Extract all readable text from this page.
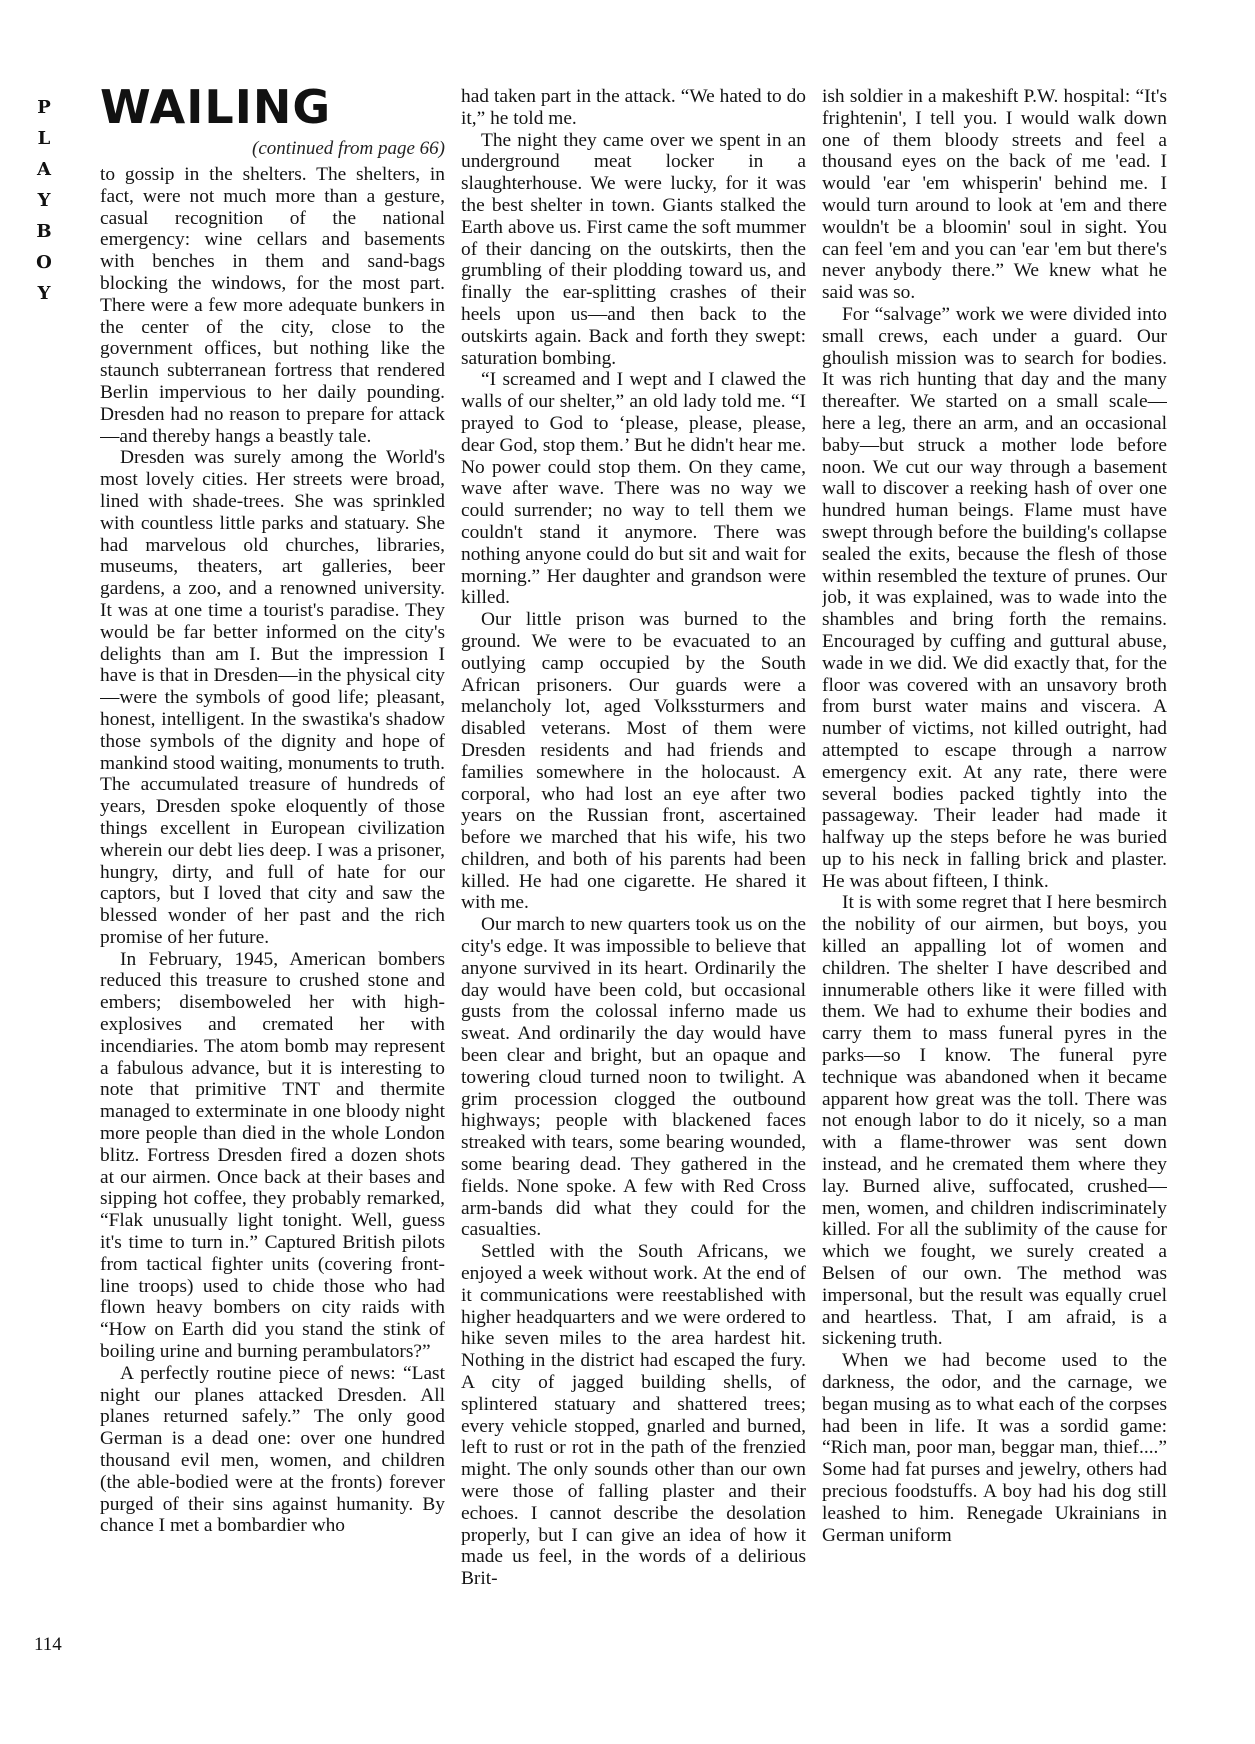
P
L
A
Y
B
O
Y
WAILING
(continued from page 66)

to gossip in the shelters. The shelters, in fact, were not much more than a gesture, casual recognition of the national emergency: wine cellars and basements with benches in them and sand-bags blocking the windows, for the most part. There were a few more adequate bunkers in the center of the city, close to the government offices, but nothing like the staunch subterranean fortress that rendered Berlin impervious to her daily pounding. Dresden had no reason to prepare for attack—and thereby hangs a beastly tale.

Dresden was surely among the World's most lovely cities. Her streets were broad, lined with shade-trees. She was sprinkled with countless little parks and statuary. She had marvelous old churches, libraries, museums, theaters, art galleries, beer gardens, a zoo, and a renowned university. It was at one time a tourist's paradise. They would be far better informed on the city's delights than am I. But the impression I have is that in Dresden—in the physical city—were the symbols of good life; pleasant, honest, intelligent. In the swastika's shadow those symbols of the dignity and hope of mankind stood waiting, monuments to truth. The accumulated treasure of hundreds of years, Dresden spoke eloquently of those things excellent in European civilization wherein our debt lies deep. I was a prisoner, hungry, dirty, and full of hate for our captors, but I loved that city and saw the blessed wonder of her past and the rich promise of her future.

In February, 1945, American bombers reduced this treasure to crushed stone and embers; disemboweled her with high-explosives and cremated her with incendiaries. The atom bomb may represent a fabulous advance, but it is interesting to note that primitive TNT and thermite managed to exterminate in one bloody night more people than died in the whole London blitz. Fortress Dresden fired a dozen shots at our airmen. Once back at their bases and sipping hot coffee, they probably remarked, “Flak unusually light tonight. Well, guess it's time to turn in.” Captured British pilots from tactical fighter units (covering front-line troops) used to chide those who had flown heavy bombers on city raids with “How on Earth did you stand the stink of boiling urine and burning perambulators?”

A perfectly routine piece of news: “Last night our planes attacked Dresden. All planes returned safely.” The only good German is a dead one: over one hundred thousand evil men, women, and children (the able-bodied were at the fronts) forever purged of their sins against humanity. By chance I met a bombardier who

had taken part in the attack. “We hated to do it,” he told me.

The night they came over we spent in an underground meat locker in a slaughterhouse. We were lucky, for it was the best shelter in town. Giants stalked the Earth above us. First came the soft mummer of their dancing on the outskirts, then the grumbling of their plodding toward us, and finally the ear-splitting crashes of their heels upon us—and then back to the outskirts again. Back and forth they swept: saturation bombing.

“I screamed and I wept and I clawed the walls of our shelter,” an old lady told me. “I prayed to God to ‘please, please, please, dear God, stop them.’ But he didn't hear me. No power could stop them. On they came, wave after wave. There was no way we could surrender; no way to tell them we couldn't stand it anymore. There was nothing anyone could do but sit and wait for morning.” Her daughter and grandson were killed.

Our little prison was burned to the ground. We were to be evacuated to an outlying camp occupied by the South African prisoners. Our guards were a melancholy lot, aged Volkssturmers and disabled veterans. Most of them were Dresden residents and had friends and families somewhere in the holocaust. A corporal, who had lost an eye after two years on the Russian front, ascertained before we marched that his wife, his two children, and both of his parents had been killed. He had one cigarette. He shared it with me.

Our march to new quarters took us on the city's edge. It was impossible to believe that anyone survived in its heart. Ordinarily the day would have been cold, but occasional gusts from the colossal inferno made us sweat. And ordinarily the day would have been clear and bright, but an opaque and towering cloud turned noon to twilight. A grim procession clogged the outbound highways; people with blackened faces streaked with tears, some bearing wounded, some bearing dead. They gathered in the fields. None spoke. A few with Red Cross arm-bands did what they could for the casualties.

Settled with the South Africans, we enjoyed a week without work. At the end of it communications were reestablished with higher headquarters and we were ordered to hike seven miles to the area hardest hit. Nothing in the district had escaped the fury. A city of jagged building shells, of splintered statuary and shattered trees; every vehicle stopped, gnarled and burned, left to rust or rot in the path of the frenzied might. The only sounds other than our own were those of falling plaster and their echoes. I cannot describe the desolation properly, but I can give an idea of how it made us feel, in the words of a delirious Brit-

ish soldier in a makeshift P.W. hospital: “It's frightenin', I tell you. I would walk down one of them bloody streets and feel a thousand eyes on the back of me 'ead. I would 'ear 'em whisperin' behind me. I would turn around to look at 'em and there wouldn't be a bloomin' soul in sight. You can feel 'em and you can 'ear 'em but there's never anybody there.” We knew what he said was so.

For “salvage” work we were divided into small crews, each under a guard. Our ghoulish mission was to search for bodies. It was rich hunting that day and the many thereafter. We started on a small scale—here a leg, there an arm, and an occasional baby—but struck a mother lode before noon. We cut our way through a basement wall to discover a reeking hash of over one hundred human beings. Flame must have swept through before the building's collapse sealed the exits, because the flesh of those within resembled the texture of prunes. Our job, it was explained, was to wade into the shambles and bring forth the remains. Encouraged by cuffing and guttural abuse, wade in we did. We did exactly that, for the floor was covered with an unsavory broth from burst water mains and viscera. A number of victims, not killed outright, had attempted to escape through a narrow emergency exit. At any rate, there were several bodies packed tightly into the passageway. Their leader had made it halfway up the steps before he was buried up to his neck in falling brick and plaster. He was about fifteen, I think.

It is with some regret that I here besmirch the nobility of our airmen, but boys, you killed an appalling lot of women and children. The shelter I have described and innumerable others like it were filled with them. We had to exhume their bodies and carry them to mass funeral pyres in the parks—so I know. The funeral pyre technique was abandoned when it became apparent how great was the toll. There was not enough labor to do it nicely, so a man with a flame-thrower was sent down instead, and he cremated them where they lay. Burned alive, suffocated, crushed—men, women, and children indiscriminately killed. For all the sublimity of the cause for which we fought, we surely created a Belsen of our own. The method was impersonal, but the result was equally cruel and heartless. That, I am afraid, is a sickening truth.

When we had become used to the darkness, the odor, and the carnage, we began musing as to what each of the corpses had been in life. It was a sordid game: “Rich man, poor man, beggar man, thief....” Some had fat purses and jewelry, others had precious foodstuffs. A boy had his dog still leashed to him. Renegade Ukrainians in German uniform

114
